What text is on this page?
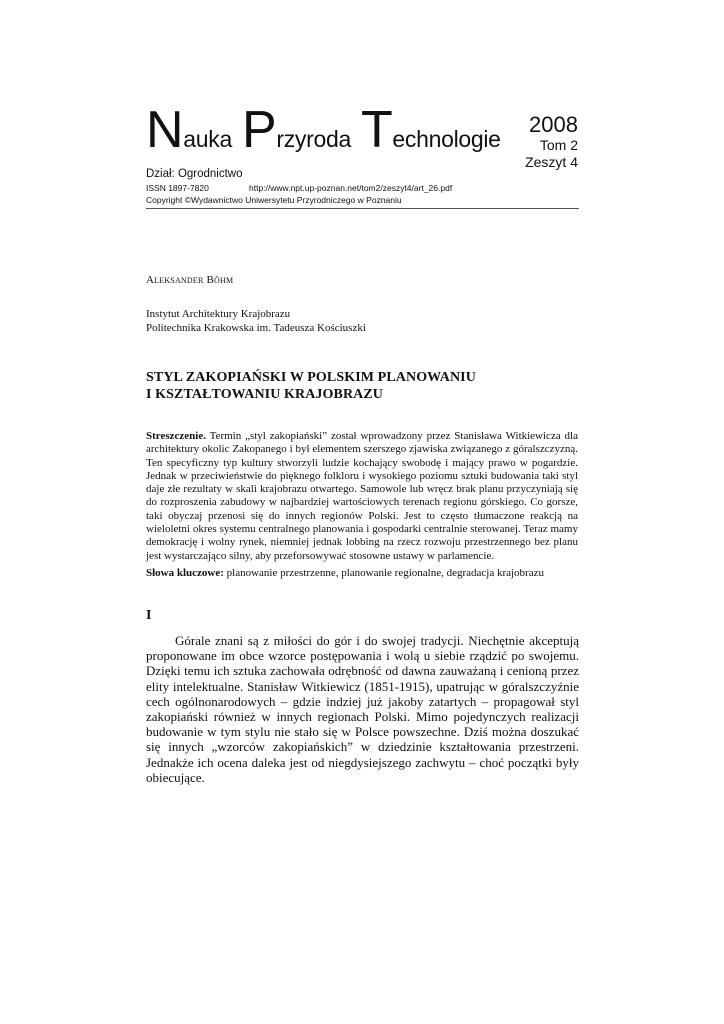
Nauka Przyroda Technologie
2008
Tom 2
Zeszyt 4
Dział: Ogrodnictwo
ISSN 1897-7820	http://www.npt.up-poznan.net/tom2/zeszyt4/art_26.pdf
Copyright ©Wydawnictwo Uniwersytetu Przyrodniczego w Poznaniu
Aleksander Böhm
Instytut Architektury Krajobrazu
Politechnika Krakowska im. Tadeusza Kościuszki
STYL ZAKOPIAŃSKI W POLSKIM PLANOWANIU
I KSZTAŁTOWANIU KRAJOBRAZU

Streszczenie. Termin „styl zakopiański” został wprowadzony przez Stanisława Witkiewicza dla architektury okolic Zakopanego i był elementem szerszego zjawiska związanego z góralszczyzną. Ten specyficzny typ kultury stworzyli ludzie kochający swobodę i mający prawo w pogardzie. Jednak w przeciwieństwie do pięknego folkloru i wysokiego poziomu sztuki budowania taki styl daje złe rezultaty w skali krajobrazu otwartego. Samowole lub wręcz brak planu przyczyniają się do rozproszenia zabudowy w najbardziej wartościowych terenach regionu górskiego. Co gorsze, taki obyczaj przenosi się do innych regionów Polski. Jest to często tłumaczone reakcją na wieloletni okres systemu centralnego planowania i gospodarki centralnie sterowanej. Teraz mamy demokrację i wolny rynek, niemniej jednak lobbing na rzecz rozwoju przestrzennego bez planu jest wystarczająco silny, aby przeforsowywać stosowne ustawy w parlamencie.

Słowa kluczowe: planowanie przestrzenne, planowanie regionalne, degradacja krajobrazu

I

Górale znani są z miłości do gór i do swojej tradycji. Niechętnie akceptują proponowane im obce wzorce postępowania i wolą u siebie rządzić po swojemu. Dzięki temu ich sztuka zachowała odrębność od dawna zauważaną i cenioną przez elity intelektualne. Stanisław Witkiewicz (1851-1915), upatrując w góralszczyźnie cech ogólnonarodowych – gdzie indziej już jakoby zatartych – propagował styl zakopiański również w innych regionach Polski. Mimo pojedynczych realizacji budowanie w tym stylu nie stało się w Polsce powszechne. Dziś można doszukać się innych „wzorców zakopiańskich” w dziedzinie kształtowania przestrzeni. Jednakże ich ocena daleka jest od niegdysiejszego zachwytu – choć początki były obiecujące.
